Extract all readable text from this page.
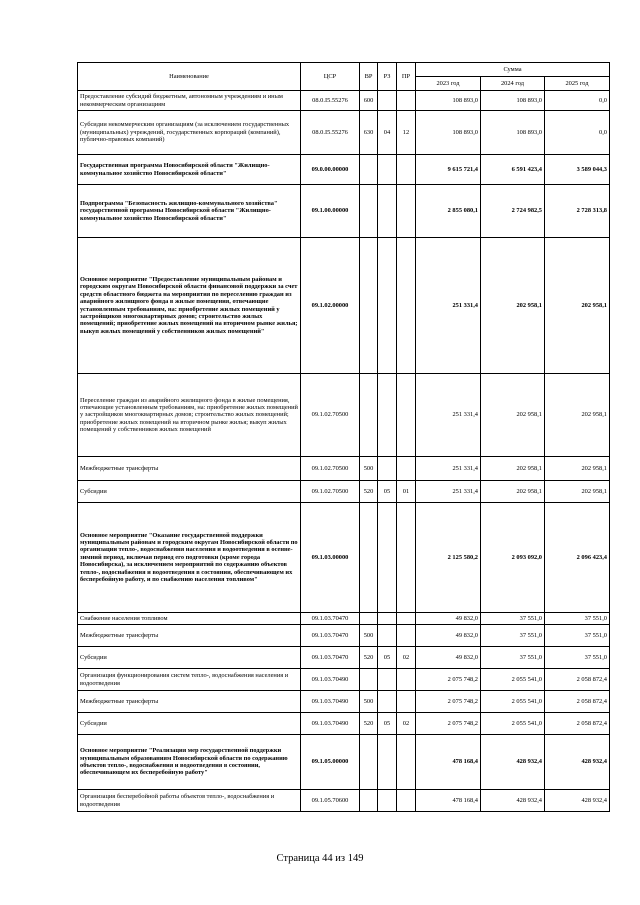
Наименование	ЦСР	ВР	РЗ	ПР	Сумма		
					2023 год	2024 год	2025 год
Предоставление субсидий бюджетным, автономным учреждениям и иным некоммерческим организациям	08.0.I5.55276	600			108 893,0	108 893,0	0,0
Субсидии некоммерческим организациям (за исключением государственных (муниципальных) учреждений, государственных корпораций (компаний), публично-правовых компаний)	08.0.I5.55276	630	04	12	108 893,0	108 893,0	0,0
Государственная программа Новосибирской области "Жилищно-коммунальное хозяйство Новосибирской области"	09.0.00.00000				9 615 721,4	6 591 423,4	3 589 044,3
Подпрограмма "Безопасность жилищно-коммунального хозяйства" государственной программы Новосибирской области "Жилищно-коммунальное хозяйство Новосибирской области"	09.1.00.00000				2 855 080,1	2 724 982,5	2 728 313,8
Основное мероприятие "Предоставление муниципальным районам и городским округам Новосибирской области финансовой поддержки за счет средств областного бюджета на мероприятия по переселению граждан из аварийного жилищного фонда в жилые помещения, отвечающие установленным требованиям, на: приобретение жилых помещений у застройщиков многоквартирных домов; строительство жилых помещений; приобретение жилых помещений на вторичном рынке жилья; выкуп жилых помещений у собственников жилых помещений"	09.1.02.00000				251 331,4	202 958,1	202 958,1
Переселение граждан из аварийного жилищного фонда в жилые помещения, отвечающие установленным требованиям, на: приобретение жилых помещений у застройщиков многоквартирных домов; строительство жилых помещений; приобретение жилых помещений на вторичном рынке жилья; выкуп жилых помещений у собственников жилых помещений	09.1.02.70500				251 331,4	202 958,1	202 958,1
Межбюджетные трансферты	09.1.02.70500	500			251 331,4	202 958,1	202 958,1
Субсидии	09.1.02.70500	520	05	01	251 331,4	202 958,1	202 958,1
Основное мероприятие "Оказание государственной поддержки муниципальным районам и городским округам Новосибирской области по организации тепло-, водоснабжения населения и водоотведения в осенне-зимний период, включая период его подготовки (кроме города Новосибирска), за исключением мероприятий по содержанию объектов тепло-, водоснабжения и водоотведения в состоянии, обеспечивающем их бесперебойную работу, и по снабжению населения топливом"	09.1.03.00000				2 125 580,2	2 093 092,0	2 096 423,4
Снабжение населения топливом	09.1.03.70470				49 832,0	37 551,0	37 551,0
Межбюджетные трансферты	09.1.03.70470	500			49 832,0	37 551,0	37 551,0
Субсидии	09.1.03.70470	520	05	02	49 832,0	37 551,0	37 551,0
Организация функционирования систем тепло-, водоснабжения населения и водоотведения	09.1.03.70490				2 075 748,2	2 055 541,0	2 058 872,4
Межбюджетные трансферты	09.1.03.70490	500			2 075 748,2	2 055 541,0	2 058 872,4
Субсидии	09.1.03.70490	520	05	02	2 075 748,2	2 055 541,0	2 058 872,4
Основное мероприятие "Реализация мер государственной поддержки муниципальным образованиям Новосибирской области по содержанию объектов тепло-, водоснабжения и водоотведения в состоянии, обеспечивающем их бесперебойную работу"	09.1.05.00000				478 168,4	428 932,4	428 932,4
Организация бесперебойной работы объектов тепло-, водоснабжения и водоотведения	09.1.05.70600				478 168,4	428 932,4	428 932,4
Страница 44 из 149
